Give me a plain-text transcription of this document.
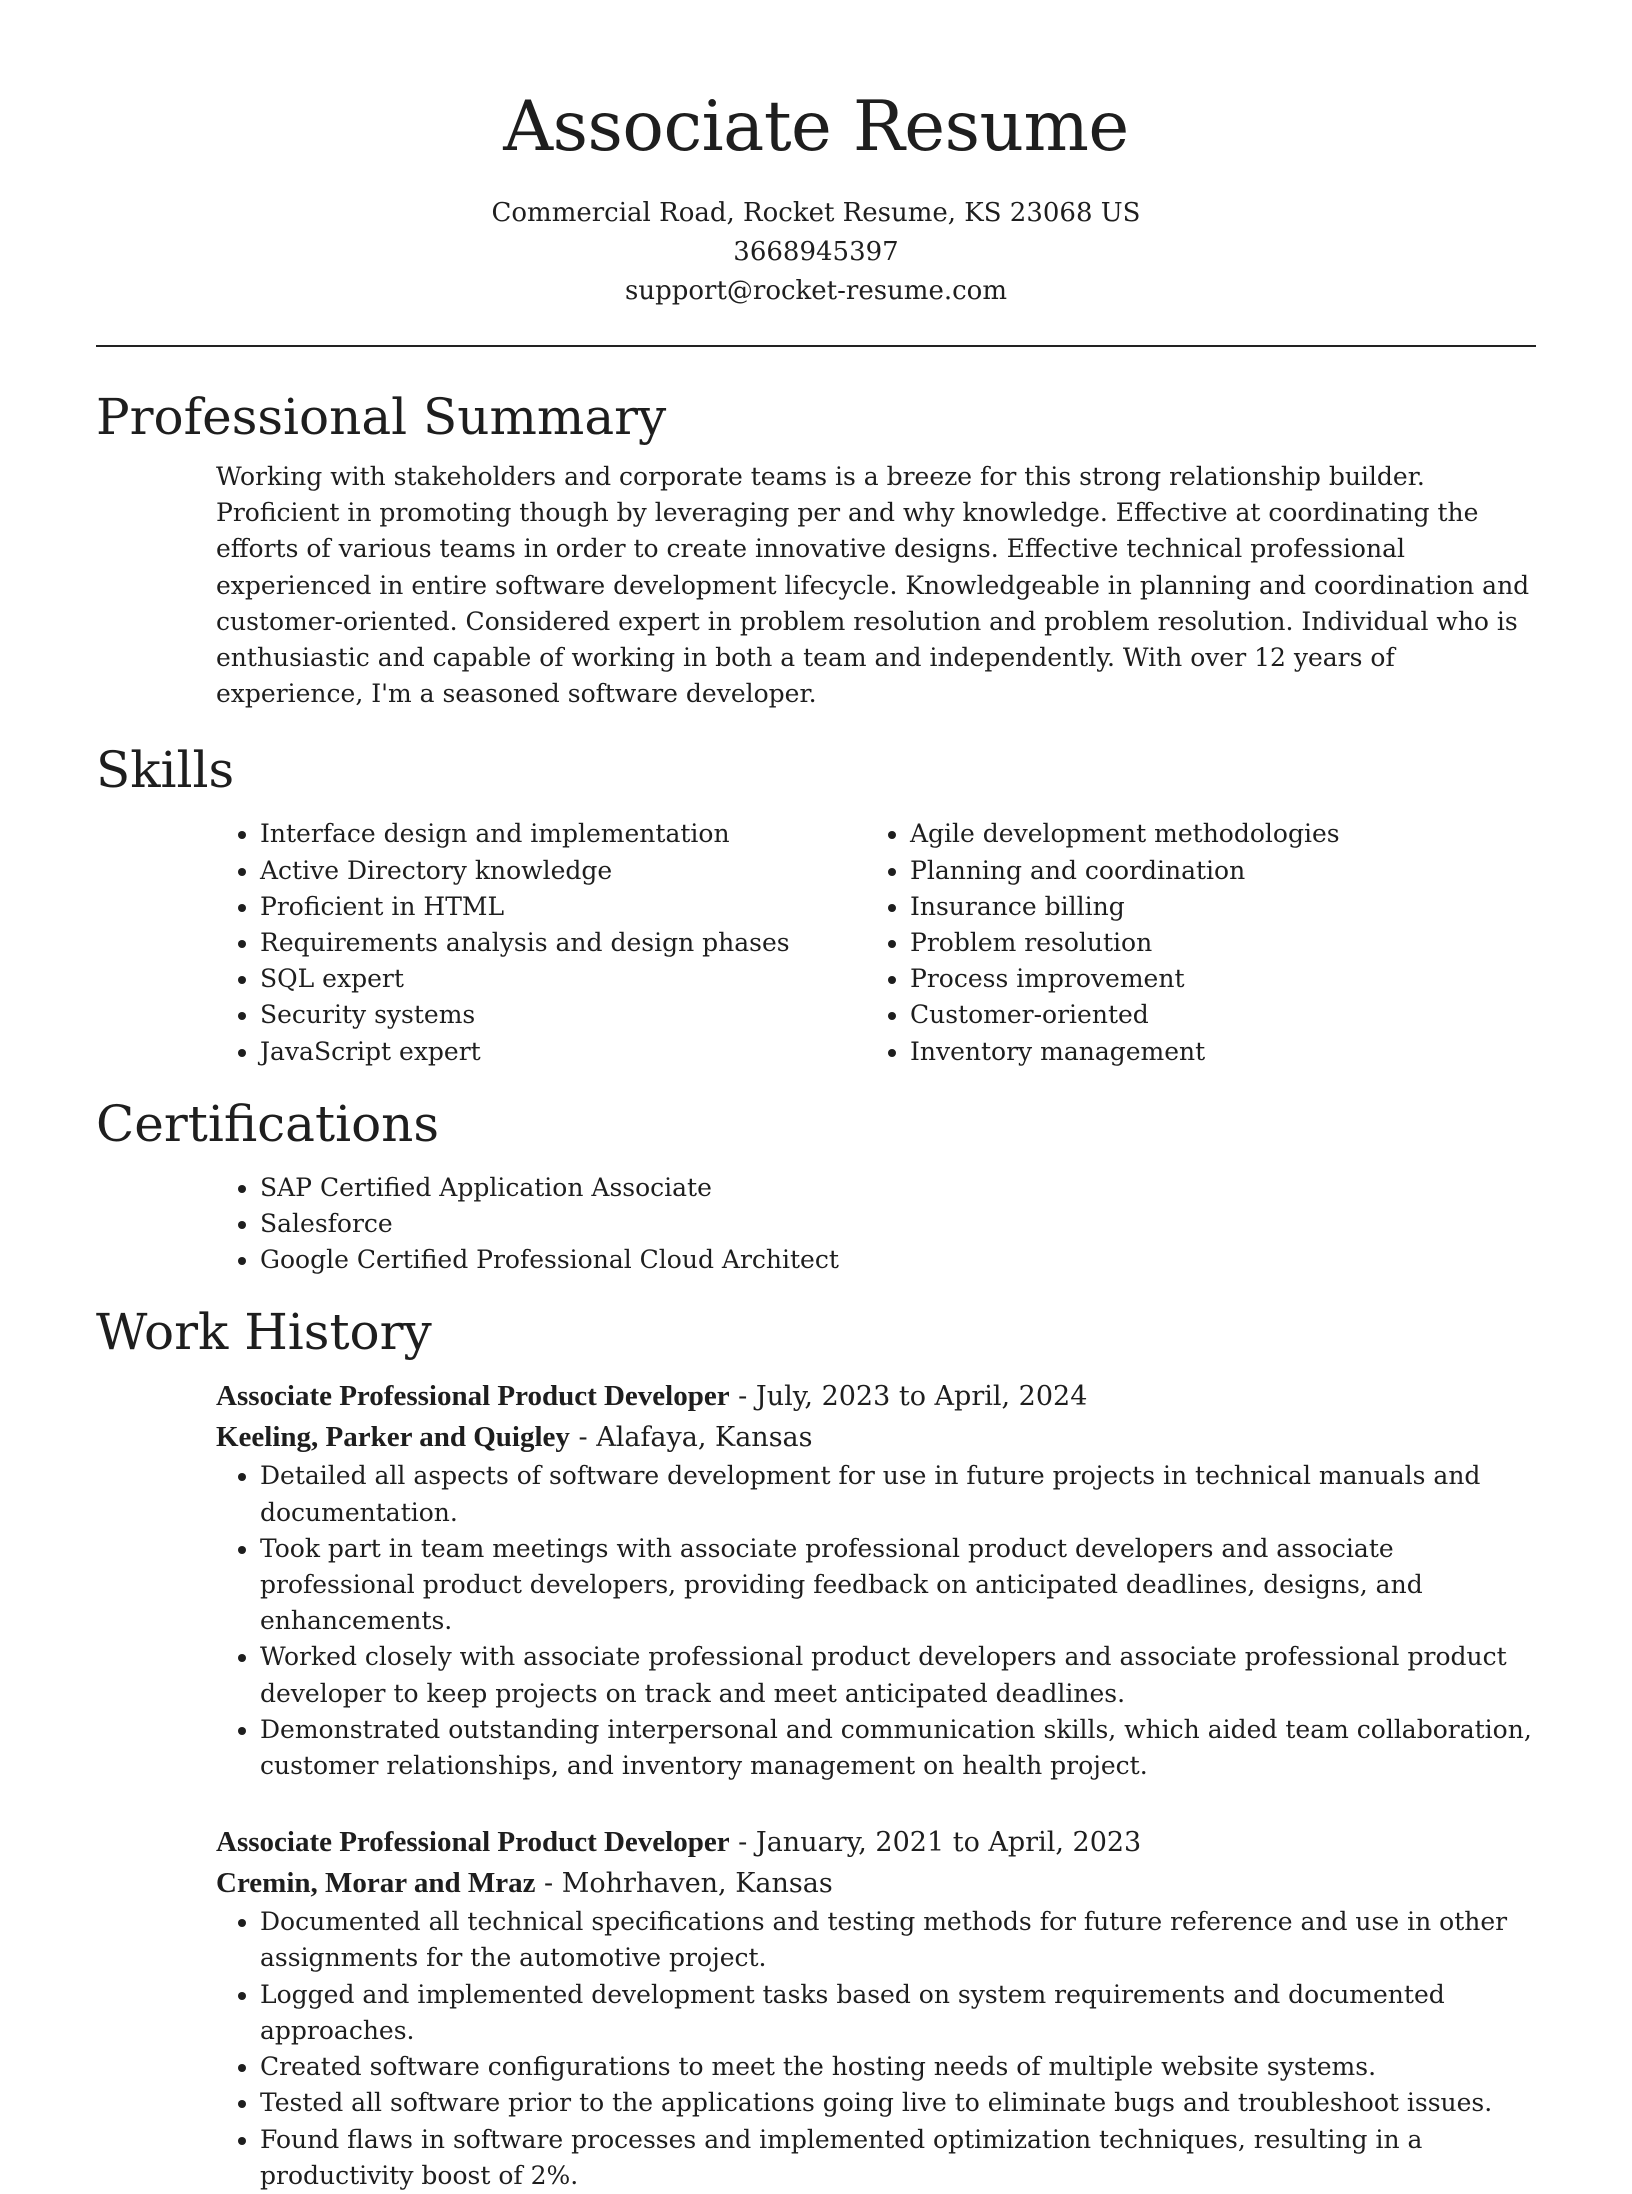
Associate Resume
Commercial Road, Rocket Resume, KS 23068 US
3668945397
support@rocket-resume.com
Professional Summary

Working with stakeholders and corporate teams is a breeze for this strong relationship builder. Proficient in promoting though by leveraging per and why knowledge. Effective at coordinating the efforts of various teams in order to create innovative designs. Effective technical professional experienced in entire software development lifecycle. Knowledgeable in planning and coordination and customer-oriented. Considered expert in problem resolution and problem resolution. Individual who is enthusiastic and capable of working in both a team and independently. With over 12 years of experience, I'm a seasoned software developer.

Skills
• Interface design and implementation
• Active Directory knowledge
• Proficient in HTML
• Requirements analysis and design phases
• SQL expert
• Security systems
• JavaScript expert
• Agile development methodologies
• Planning and coordination
• Insurance billing
• Problem resolution
• Process improvement
• Customer-oriented
• Inventory management
Certifications
• SAP Certified Application Associate
• Salesforce
• Google Certified Professional Cloud Architect
Work History
Associate Professional Product Developer - July, 2023 to April, 2024
Keeling, Parker and Quigley - Alafaya, Kansas
• Detailed all aspects of software development for use in future projects in technical manuals and documentation.
• Took part in team meetings with associate professional product developers and associate professional product developers, providing feedback on anticipated deadlines, designs, and enhancements.
• Worked closely with associate professional product developers and associate professional product developer to keep projects on track and meet anticipated deadlines.
• Demonstrated outstanding interpersonal and communication skills, which aided team collaboration, customer relationships, and inventory management on health project.
Associate Professional Product Developer - January, 2021 to April, 2023
Cremin, Morar and Mraz - Mohrhaven, Kansas
• Documented all technical specifications and testing methods for future reference and use in other assignments for the automotive project.
• Logged and implemented development tasks based on system requirements and documented approaches.
• Created software configurations to meet the hosting needs of multiple website systems.
• Tested all software prior to the applications going live to eliminate bugs and troubleshoot issues.
• Found flaws in software processes and implemented optimization techniques, resulting in a productivity boost of 2%.
